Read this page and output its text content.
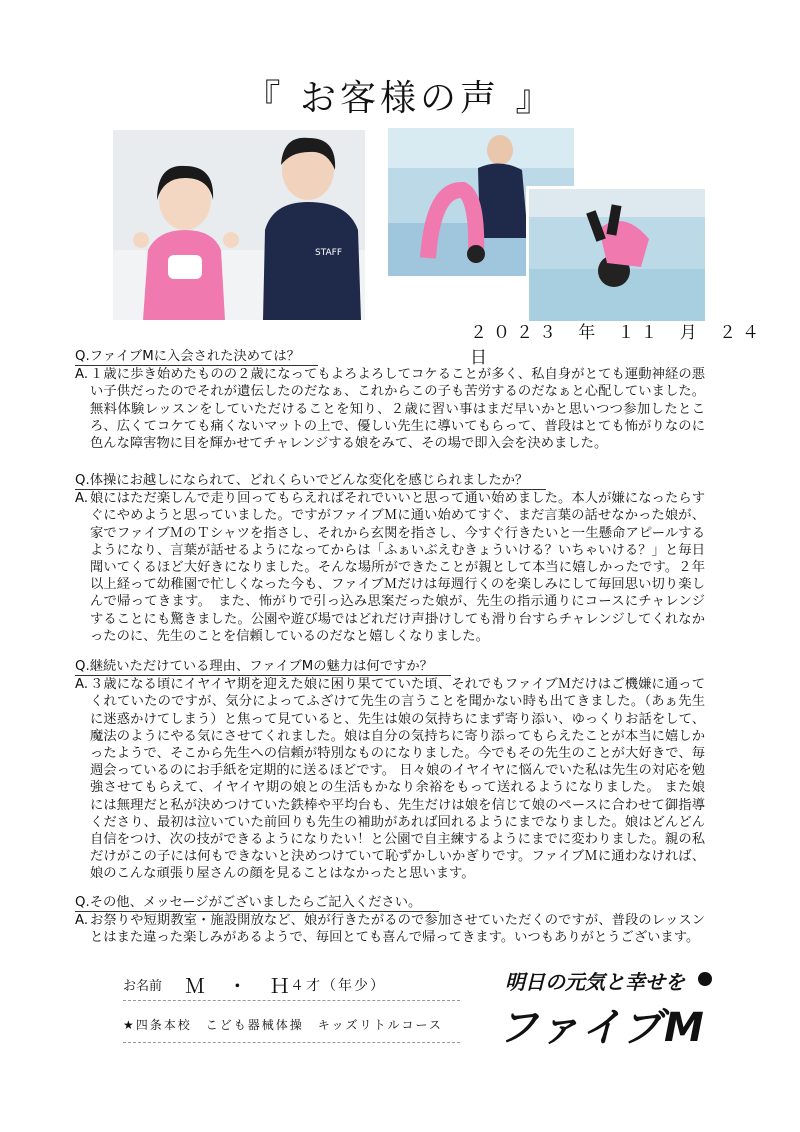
『 お客様の声 』
STAFF
２０２３ 年 １１ 月 ２４ 日
Q.ファイブMに入会された決めては？
A. １歳に歩き始めたものの２歳になってもよろよろしてコケることが多く、私自身がとても運動神経の悪い子供だったのでそれが遺伝したのだなぁ、これからこの子も苦労するのだなぁと心配していました。無料体験レッスンをしていただけることを知り、２歳に習い事はまだ早いかと思いつつ参加したところ、広くてコケても痛くないマットの上で、優しい先生に導いてもらって、普段はとても怖がりなのに色んな障害物に目を輝かせてチャレンジする娘をみて、その場で即入会を決めました。
Q.体操にお越しになられて、どれくらいでどんな変化を感じられましたか？
A. 娘にはただ楽しんで走り回ってもらえればそれでいいと思って通い始めました。本人が嫌になったらすぐにやめようと思っていました。ですがファイブＭに通い始めてすぐ、まだ言葉の話せなかった娘が、家でファイブＭのＴシャツを指さし、それから玄関を指さし、今すぐ行きたいと一生懸命アピールするようになり、言葉が話せるようになってからは「ふぁいぶえむきょういける？いちゃいける？」と毎日聞いてくるほど大好きになりました。そんな場所ができたことが親として本当に嬉しかったです。２年以上経って幼稚園で忙しくなった今も、ファイブＭだけは毎週行くのを楽しみにして毎回思い切り楽しんで帰ってきます。　また、怖がりで引っ込み思案だった娘が、先生の指示通りにコースにチャレンジすることにも驚きました。公園や遊び場ではどれだけ声掛けしても滑り台すらチャレンジしてくれなかったのに、先生のことを信頼しているのだなと嬉しくなりました。
Q.継続いただけている理由、ファイブMの魅力は何ですか？
A. ３歳になる頃にイヤイヤ期を迎えた娘に困り果てていた頃、それでもファイブＭだけはご機嫌に通ってくれていたのですが、気分によってふざけて先生の言うことを聞かない時も出てきました。（あぁ先生に迷惑かけてしまう）と焦って見ていると、先生は娘の気持ちにまず寄り添い、ゆっくりお話をして、魔法のようにやる気にさせてくれました。娘は自分の気持ちに寄り添ってもらえたことが本当に嬉しかったようで、そこから先生への信頼が特別なものになりました。今でもその先生のことが大好きで、毎週会っているのにお手紙を定期的に送るほどです。 日々娘のイヤイヤに悩んでいた私は先生の対応を勉強させてもらえて、イヤイヤ期の娘との生活もかなり余裕をもって送れるようになりました。 また娘には無理だと私が決めつけていた鉄棒や平均台も、先生だけは娘を信じて娘のペースに合わせて御指導くださり、最初は泣いていた前回りも先生の補助があれば回れるようにまでなりました。娘はどんどん自信をつけ、次の技ができるようになりたい！と公園で自主練するようにまでに変わりました。親の私だけがこの子には何もできないと決めつけていて恥ずかしいかぎりです。ファイブＭに通わなければ、娘のこんな頑張り屋さんの顔を見ることはなかったと思います。
Q.その他、メッセージがございましたらご記入ください。
A. お祭りや短期教室・施設開放など、娘が行きたがるので参加させていただくのですが、普段のレッスンとはまた違った楽しみがあるようで、毎回とても喜んで帰ってきます。いつもありがとうございます。
お名前 Ｍ ・ Ｈ
４才（年少）
★四条本校　こども器械体操　キッズリトルコース
明日の元気と幸せを
ファイブM
